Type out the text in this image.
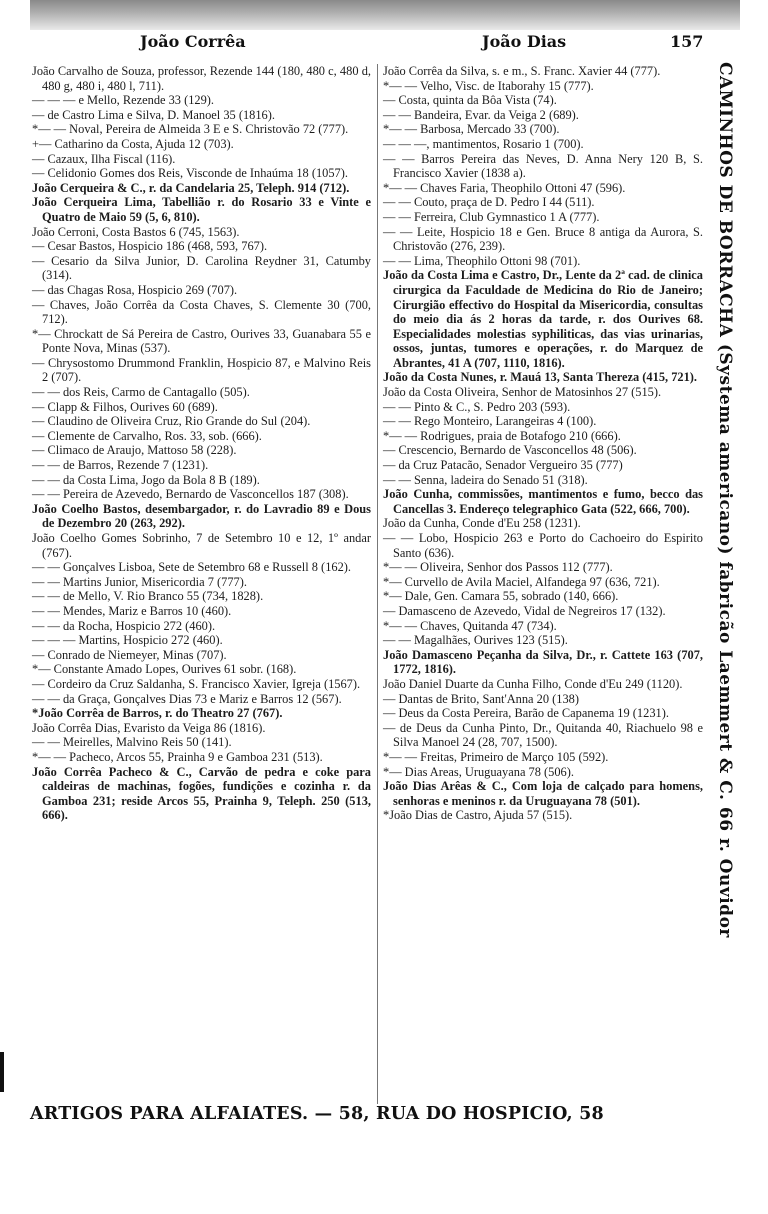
João Corrêa	João Dias	157

João Carvalho de Souza, professor, Rezende 144 (180, 480 c, 480 d, 480 g, 480 i, 480 l, 711).

— — — e Mello, Rezende 33 (129).

— de Castro Lima e Silva, D. Manoel 35 (1816).

*— — Noval, Pereira de Almeida 3 E e S. Christovão 72 (777).

+— Catharino da Costa, Ajuda 12 (703).

— Cazaux, Ilha Fiscal (116).

— Celidonio Gomes dos Reis, Visconde de Inhaúma 18 (1057).

João Cerqueira & C., r. da Candelaria 25, Teleph. 914 (712).

João Cerqueira Lima, Tabellião r. do Rosario 33 e Vinte e Quatro de Maio 59 (5, 6, 810).

João Cerroni, Costa Bastos 6 (745, 1563).

— Cesar Bastos, Hospicio 186 (468, 593, 767).

— Cesario da Silva Junior, D. Carolina Reydner 31, Catumby (314).

— das Chagas Rosa, Hospicio 269 (707).

— Chaves, João Corrêa da Costa Chaves, S. Clemente 30 (700, 712).

*— Chrockatt de Sá Pereira de Castro, Ourives 33, Guanabara 55 e Ponte Nova, Minas (537).

— Chrysostomo Drummond Franklin, Hospicio 87, e Malvino Reis 2 (707).

— — dos Reis, Carmo de Cantagallo (505).

— Clapp & Filhos, Ourives 60 (689).

— Claudino de Oliveira Cruz, Rio Grande do Sul (204).

— Clemente de Carvalho, Ros. 33, sob. (666).

— Climaco de Araujo, Mattoso 58 (228).

— — de Barros, Rezende 7 (1231).

— — da Costa Lima, Jogo da Bola 8 B (189).

— — Pereira de Azevedo, Bernardo de Vasconcellos 187 (308).

João Coelho Bastos, desembargador, r. do Lavradio 89 e Dous de Dezembro 20 (263, 292).

João Coelho Gomes Sobrinho, 7 de Setembro 10 e 12, 1º andar (767).

— — Gonçalves Lisboa, Sete de Setembro 68 e Russell 8 (162).

— — Martins Junior, Misericordia 7 (777).

— — de Mello, V. Rio Branco 55 (734, 1828).

— — Mendes, Mariz e Barros 10 (460).

— — da Rocha, Hospicio 272 (460).

— — — Martins, Hospicio 272 (460).

— Conrado de Niemeyer, Minas (707).

*— Constante Amado Lopes, Ourives 61 sobr. (168).

— Cordeiro da Cruz Saldanha, S. Francisco Xavier, Igreja (1567).

— — da Graça, Gonçalves Dias 73 e Mariz e Barros 12 (567).

*João Corrêa de Barros, r. do Theatro 27 (767).

João Corrêa Dias, Evaristo da Veiga 86 (1816).

— — Meirelles, Malvino Reis 50 (141).

*— — Pacheco, Arcos 55, Prainha 9 e Gamboa 231 (513).

João Corrêa Pacheco & C., Carvão de pedra e coke para caldeiras de machinas, fogões, fundições e cozinha r. da Gamboa 231; reside Arcos 55, Prainha 9, Teleph. 250 (513, 666).

João Corrêa da Silva, s. e m., S. Franc. Xavier 44 (777).

*— — Velho, Visc. de Itaborahy 15 (777).

— Costa, quinta da Bôa Vista (74).

— — Bandeira, Evar. da Veiga 2 (689).

*— — Barbosa, Mercado 33 (700).

— — —, mantimentos, Rosario 1 (700).

— — Barros Pereira das Neves, D. Anna Nery 120 B, S. Francisco Xavier (1838 a).

*— — Chaves Faria, Theophilo Ottoni 47 (596).

— — Couto, praça de D. Pedro I 44 (511).

— — Ferreira, Club Gymnastico 1 A (777).

— — Leite, Hospicio 18 e Gen. Bruce 8 antiga da Aurora, S. Christovão (276, 239).

— — Lima, Theophilo Ottoni 98 (701).

João da Costa Lima e Castro, Dr., Lente da 2ª cad. de clinica cirurgica da Faculdade de Medicina do Rio de Janeiro; Cirurgião effectivo do Hospital da Misericordia, consultas do meio dia ás 2 horas da tarde, r. dos Ourives 68. Especialidades molestias syphiliticas, das vias urinarias, ossos, juntas, tumores e operações, r. do Marquez de Abrantes, 41 A (707, 1110, 1816).

João da Costa Nunes, r. Mauá 13, Santa Thereza (415, 721).

João da Costa Oliveira, Senhor de Matosinhos 27 (515).

— — Pinto & C., S. Pedro 203 (593).

— — Rego Monteiro, Larangeiras 4 (100).

*— — Rodrigues, praia de Botafogo 210 (666).

— Crescencio, Bernardo de Vasconcellos 48 (506).

— da Cruz Patacão, Senador Vergueiro 35 (777)

— — Senna, ladeira do Senado 51 (318).

João Cunha, commissões, mantimentos e fumo, becco das Cancellas 3. Endereço telegraphico Gata (522, 666, 700).

João da Cunha, Conde d'Eu 258 (1231).

— — Lobo, Hospicio 263 e Porto do Cachoeiro do Espirito Santo (636).

*— — Oliveira, Senhor dos Passos 112 (777).

*— Curvello de Avila Maciel, Alfandega 97 (636, 721).

*— Dale, Gen. Camara 55, sobrado (140, 666).

— Damasceno de Azevedo, Vidal de Negreiros 17 (132).

*— — Chaves, Quitanda 47 (734).

— — Magalhães, Ourives 123 (515).

João Damasceno Peçanha da Silva, Dr., r. Cattete 163 (707, 1772, 1816).

João Daniel Duarte da Cunha Filho, Conde d'Eu 249 (1120).

— Dantas de Brito, Sant'Anna 20 (138)

— Deus da Costa Pereira, Barão de Capanema 19 (1231).

— de Deus da Cunha Pinto, Dr., Quitanda 40, Riachuelo 98 e Silva Manoel 24 (28, 707, 1500).

*— — Freitas, Primeiro de Março 105 (592).

*— Dias Areas, Uruguayana 78 (506).

João Dias Arêas & C., Com loja de calçado para homens, senhoras e meninos r. da Uruguayana 78 (501).

*João Dias de Castro, Ajuda 57 (515).	CAMINHOS DE BORRACHA (Systema americano) fabricão Laemmert & C. 66 r. Ouvidor
ARTIGOS PARA ALFAIATES. — 58, RUA DO HOSPICIO, 58
